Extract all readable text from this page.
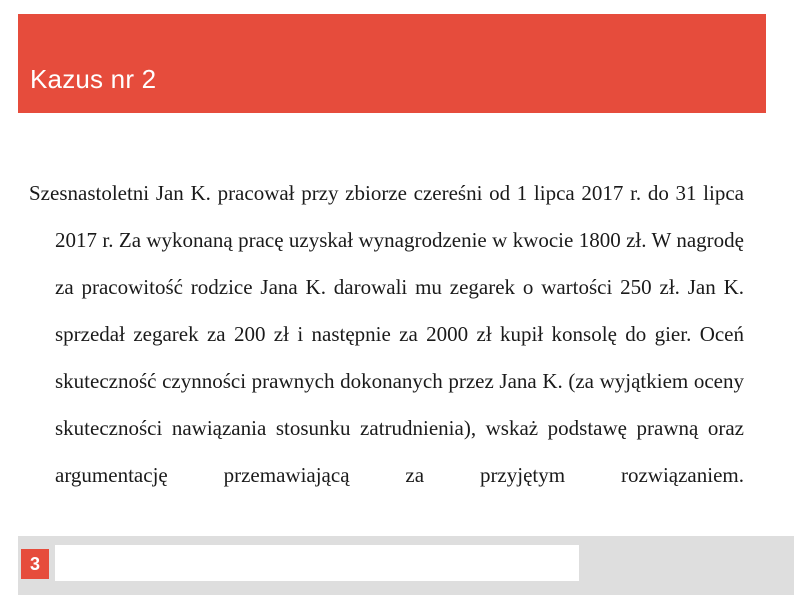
Kazus nr 2
Szesnastoletni Jan K. pracował przy zbiorze czereśni od 1 lipca 2017 r. do 31 lipca 2017 r. Za wykonaną pracę uzyskał wynagrodzenie w kwocie 1800 zł. W nagrodę za pracowitość rodzice Jana K. darowali mu zegarek o wartości 250 zł. Jan K. sprzedał zegarek za 200 zł i następnie za 2000 zł kupił konsolę do gier. Oceń skuteczność czynności prawnych dokonanych przez Jana K. (za wyjątkiem oceny skuteczności nawiązania stosunku zatrudnienia), wskaż podstawę prawną oraz argumentację przemawiającą za przyjętym rozwiązaniem.
3
